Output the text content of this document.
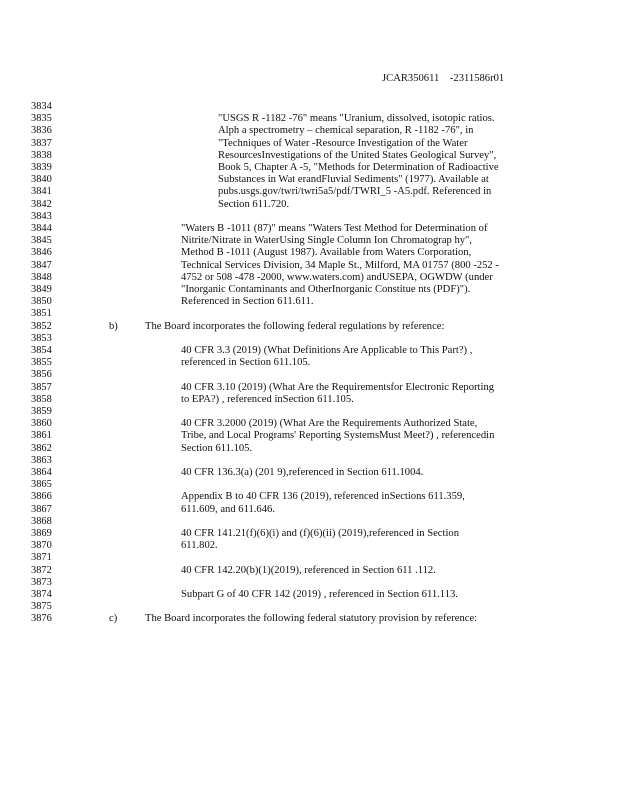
JCAR350611    -2311586r01
3834
3835
3836
3837
3838
3839
3840
3841
3842
3843
3844
3845
3846
3847
3848
3849
3850
3851
3852
3853
3854
3855
3856
3857
3858
3859
3860
3861
3862
3863
3864
3865
3866
3867
3868
3869
3870
3871
3872
3873
3874
3875
3876
"USGS R -1182 -76" means "Uranium, dissolved, isotopic ratios.
Alph a spectrometry – chemical separation, R -1182 -76", in
"Techniques of Water -Resource Investigation of the Water
ResourcesInvestigations of the United States Geological Survey",
Book 5, Chapter A -5, "Methods for Determination of Radioactive
Substances in Wat erandFluvial Sediments" (1977). Available at
pubs.usgs.gov/twri/twri5a5/pdf/TWRI_5 -A5.pdf. Referenced in
Section 611.720.
"Waters B -1011 (87)" means "Waters Test Method for Determination of
Nitrite/Nitrate in WaterUsing Single Column Ion Chromatograp hy",
Method B -1011 (August 1987). Available from Waters Corporation,
Technical Services Division, 34 Maple St., Milford, MA 01757 (800 -252 -
4752 or 508 -478 -2000, www.waters.com) andUSEPA, OGWDW (under
"Inorganic Contaminants and OtherInorganic Constitue nts (PDF)").
Referenced in Section 611.611.
b)	The Board incorporates the following federal regulations by reference:
40 CFR 3.3 (2019) (What Definitions Are Applicable to This Part?) ,
referenced in Section 611.105.
40 CFR 3.10 (2019) (What Are the Requirementsfor Electronic Reporting
to EPA?) , referenced inSection 611.105.
40 CFR 3.2000 (2019) (What Are the Requirements Authorized State,
Tribe, and Local Programs' Reporting SystemsMust Meet?) , referencedin
Section 611.105.
40 CFR 136.3(a) (201 9),referenced in Section 611.1004.
Appendix B to 40 CFR 136 (2019), referenced inSections 611.359,
611.609, and 611.646.
40 CFR 141.21(f)(6)(i) and (f)(6)(ii) (2019),referenced in Section
611.802.
40 CFR 142.20(b)(1)(2019), referenced in Section 611 .112.
Subpart G of 40 CFR 142 (2019) , referenced in Section 611.113.
c)	The Board incorporates the following federal statutory provision by reference:
